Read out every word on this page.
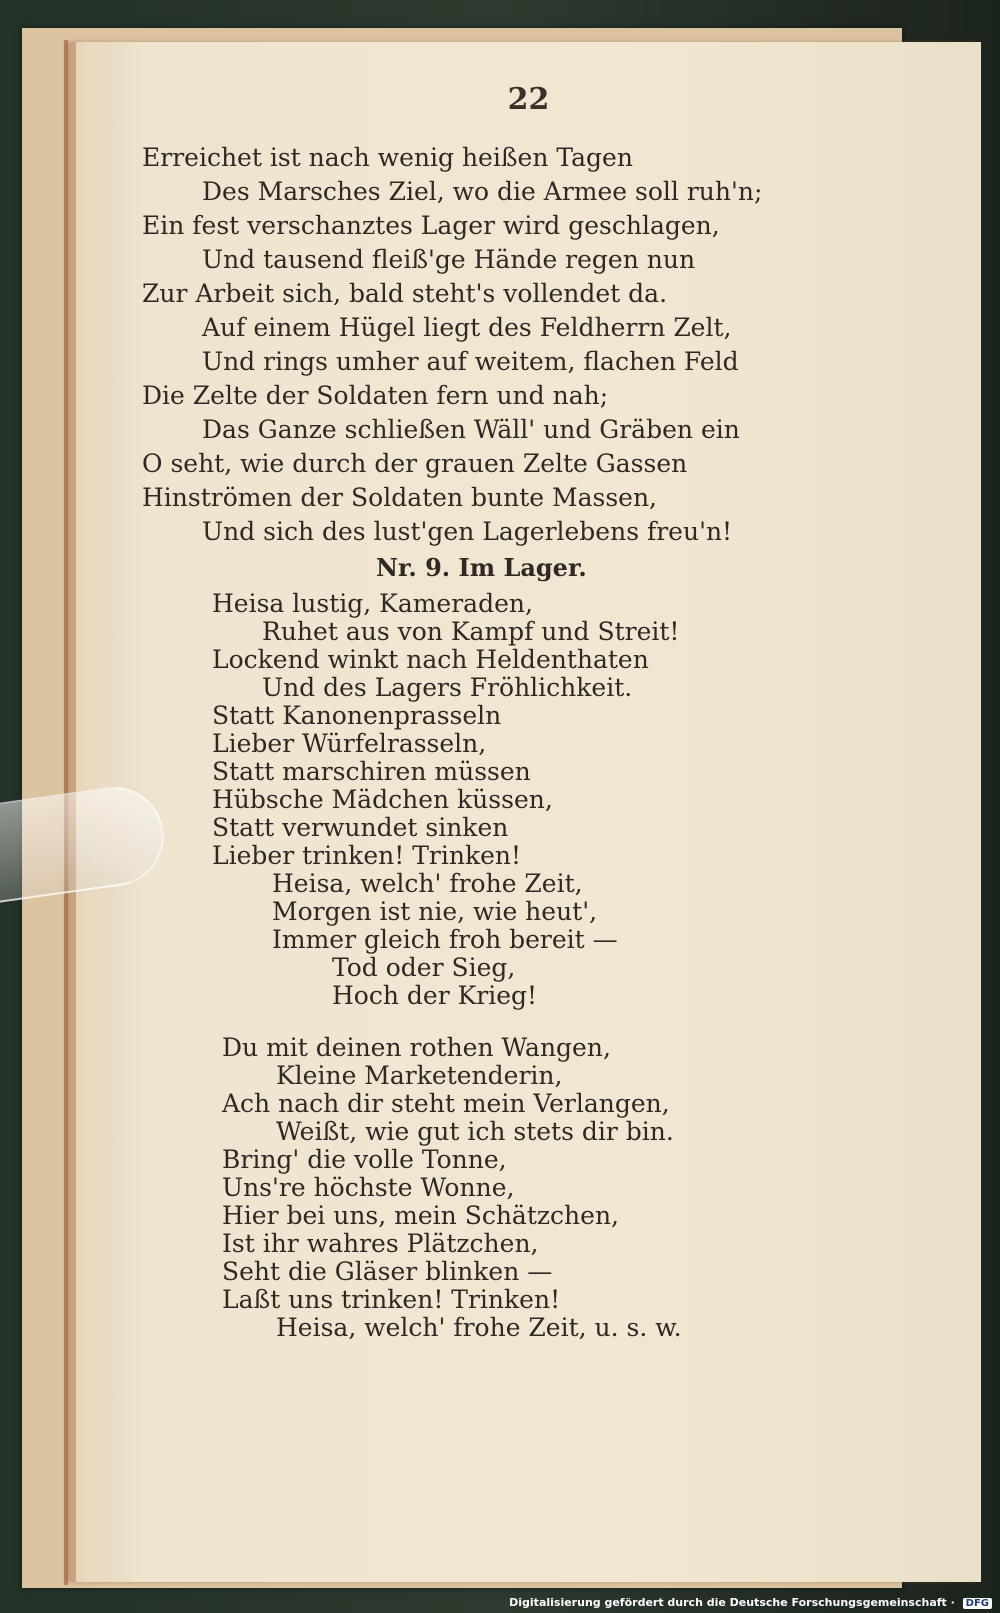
22
Erreichet ist nach wenig heißen Tagen
Des Marsches Ziel, wo die Armee soll ruh'n;
Ein fest verschanztes Lager wird geschlagen,
Und tausend fleiß'ge Hände regen nun
Zur Arbeit sich, bald steht's vollendet da.
Auf einem Hügel liegt des Feldherrn Zelt,
Und rings umher auf weitem, flachen Feld
Die Zelte der Soldaten fern und nah;
Das Ganze schließen Wäll' und Gräben ein
O seht, wie durch der grauen Zelte Gassen
Hinströmen der Soldaten bunte Massen,
Und sich des lust'gen Lagerlebens freu'n!
Nr. 9. Im Lager.
Heisa lustig, Kameraden,
Ruhet aus von Kampf und Streit!
Lockend winkt nach Heldenthaten
Und des Lagers Fröhlichkeit.
Statt Kanonenprasseln
Lieber Würfelrasseln,
Statt marschiren müssen
Hübsche Mädchen küssen,
Statt verwundet sinken
Lieber trinken! Trinken!
Heisa, welch' frohe Zeit,
Morgen ist nie, wie heut',
Immer gleich froh bereit —
Tod oder Sieg,
Hoch der Krieg!
Du mit deinen rothen Wangen,
Kleine Marketenderin,
Ach nach dir steht mein Verlangen,
Weißt, wie gut ich stets dir bin.
Bring' die volle Tonne,
Uns're höchste Wonne,
Hier bei uns, mein Schätzchen,
Ist ihr wahres Plätzchen,
Seht die Gläser blinken —
Laßt uns trinken! Trinken!
Heisa, welch' frohe Zeit, u. s. w.
Digitalisierung gefördert durch die Deutsche Forschungsgemeinschaft · DFG
